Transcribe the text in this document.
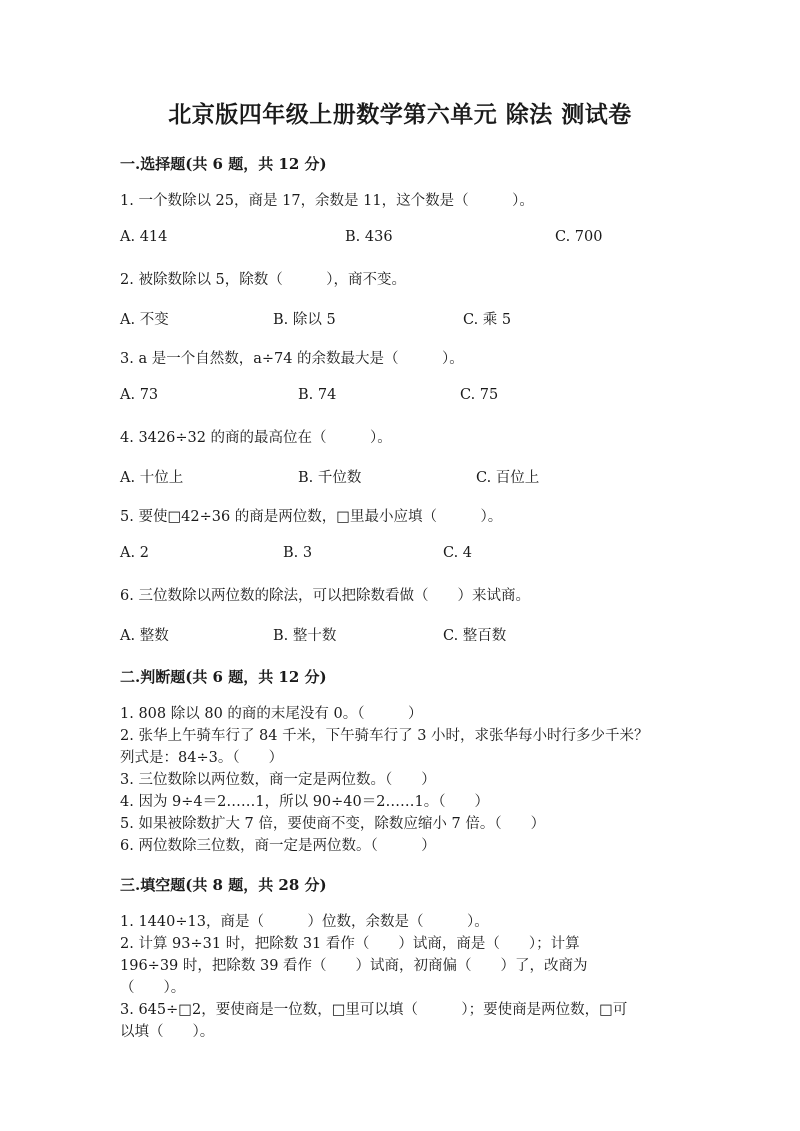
北京版四年级上册数学第六单元 除法 测试卷
一.选择题(共 6 题，共 12 分)
1. 一个数除以 25，商是 17，余数是 11，这个数是（　　　）。
A. 414	B. 436	C. 700
2. 被除数除以 5，除数（　　　），商不变。
A. 不变	B. 除以 5	C. 乘 5
3. a 是一个自然数，a÷74 的余数最大是（　　　）。
A. 73	B. 74	C. 75
4. 3426÷32 的商的最高位在（　　　）。
A. 十位上	B. 千位数	C. 百位上
5. 要使□42÷36 的商是两位数，□里最小应填（　　　）。
A. 2	B. 3	C. 4
6. 三位数除以两位数的除法，可以把除数看做（　　）来试商。
A. 整数	B. 整十数	C. 整百数
二.判断题(共 6 题，共 12 分)
1. 808 除以 80 的商的末尾没有 0。（　　　）
2. 张华上午骑车行了 84 千米，下午骑车行了 3 小时，求张华每小时行多少千米？
列式是：84÷3。（　　）
3. 三位数除以两位数，商一定是两位数。（　　）
4. 因为 9÷4＝2……1，所以 90÷40＝2……1。（　　）
5. 如果被除数扩大 7 倍，要使商不变，除数应缩小 7 倍。（　　）
6. 两位数除三位数，商一定是两位数。（　　　）
三.填空题(共 8 题，共 28 分)
1. 1440÷13，商是（　　　）位数，余数是（　　　）。
2. 计算 93÷31 时，把除数 31 看作（　　）试商，商是（　　）；计算
196÷39 时，把除数 39 看作（　　）试商，初商偏（　　）了，改商为
（　　）。
3. 645÷□2，要使商是一位数，□里可以填（　　　）；要使商是两位数，□可
以填（　　）。
